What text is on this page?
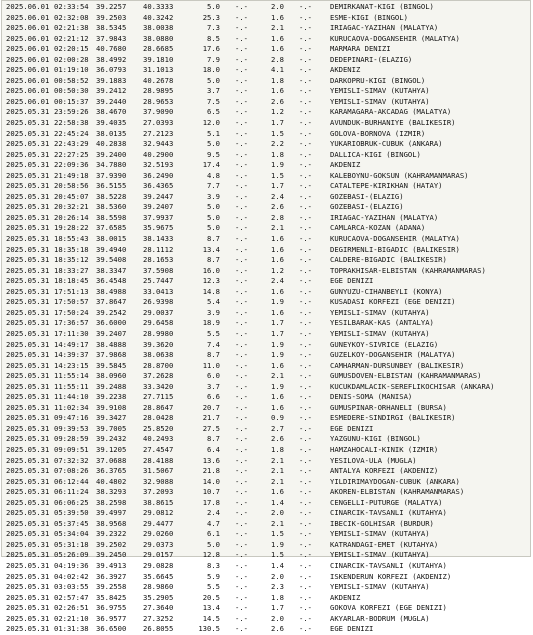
2025.06.01 02:33:54 39.2257 40.3333	5.0 -.-	2.0 -.-	DEMIRKANAT-KIGI (BINGOL)
2025.06.01 02:32:08 39.2503 40.3242	25.3 -.-	1.6 -.-	ESME-KIGI (BINGOL)
2025.06.01 02:21:38 38.5345 38.0038	7.3 -.-	2.1 -.-	IRIAGAC-YAZIHAN (MALATYA)
2025.06.01 02:21:12 37.9843 38.0880	8.5 -.-	1.6 -.-	KURUCAOVA-DOGANSEHIR (MALATYA)
2025.06.01 02:20:15 40.7680 28.6685	17.6 -.-	1.6 -.-	MARMARA DENIZI
2025.06.01 02:00:28 38.4992 39.1810	7.9 -.-	2.8 -.-	DEDEPINARI-(ELAZIG)
2025.06.01 01:19:10 36.0793 31.1013	18.0 -.-	4.1 -.-	AKDENIZ
2025.06.01 00:58:52 39.1883 40.2678	5.0 -.-	1.8 -.-	DARKOPRU-KIGI (BINGOL)
2025.06.01 00:50:30 39.2412 28.9895	3.7 -.-	1.6 -.-	YEMISLI-SIMAV (KUTAHYA)
2025.06.01 00:15:37 39.2440 28.9653	7.5 -.-	2.6 -.-	YEMISLI-SIMAV (KUTAHYA)
2025.05.31 23:59:26 38.4670 37.9090	6.5 -.-	1.2 -.-	KARAMAGARA-AKCADAG (MALATYA)
2025.05.31 22:58:38 39.4035 27.0393	12.0 -.-	1.7 -.-	AVUNDUK-BURHANIYE (BALIKESIR)
2025.05.31 22:45:24 38.0135 27.2123	5.1 -.-	1.5 -.-	GOLOVA-BORNOVA (IZMIR)
2025.05.31 22:43:29 40.2838 32.9443	5.0 -.-	2.2 -.-	YUKARIOBRUK-CUBUK (ANKARA)
2025.05.31 22:27:25 39.2400 40.2900	9.5 -.-	1.8 -.-	DALLICA-KIGI (BINGOL)
2025.05.31 22:09:36 34.7880 32.5193	17.4 -.-	1.9 -.-	AKDENIZ
2025.05.31 21:49:18 37.9390 36.2490	4.8 -.-	1.5 -.-	KALEBOYNU-GOKSUN (KAHRAMANMARAS)
2025.05.31 20:58:56 36.5155 36.4365	7.7 -.-	1.7 -.-	CATALTEPE-KIRIKHAN (HATAY)
2025.05.31 20:45:07 38.5228 39.2447	3.9 -.-	2.4 -.-	GOZEBASI-(ELAZIG)
2025.05.31 20:32:21 38.5360 39.2407	5.0 -.-	2.6 -.-	GOZEBASI-(ELAZIG)
2025.05.31 20:26:14 38.5598 37.9937	5.0 -.-	2.8 -.-	IRIAGAC-YAZIHAN (MALATYA)
2025.05.31 19:28:22 37.6585 35.9675	5.0 -.-	2.1 -.-	CAMLARCA-KOZAN (ADANA)
2025.05.31 18:55:43 38.0015 38.1433	8.7 -.-	1.6 -.-	KURUCAOVA-DOGANSEHIR (MALATYA)
2025.05.31 18:35:18 39.4940 28.1112	13.4 -.-	1.6 -.-	DEGIRMENLI-BIGADIC (BALIKESIR)
2025.05.31 18:35:12 39.5408 28.1653	8.7 -.-	1.6 -.-	CALDERE-BIGADIC (BALIKESIR)
2025.05.31 18:33:27 38.3347 37.5908	16.0 -.-	1.2 -.-	TOPRAKHISAR-ELBISTAN (KAHRAMANMARAS)
2025.05.31 18:18:45 36.4548 25.7447	12.3 -.-	2.4 -.-	EGE DENIZI
2025.05.31 17:51:13 38.4988 33.0413	14.8 -.-	1.6 -.-	GUNYUZU-CIHANBEYLI (KONYA)
2025.05.31 17:50:57 37.8647 26.9398	5.4 -.-	1.9 -.-	KUSADASI KORFEZI (EGE DENIZI)
2025.05.31 17:50:24 39.2542 29.0037	3.9 -.-	1.6 -.-	YEMISLI-SIMAV (KUTAHYA)
2025.05.31 17:36:57 36.6000 29.6458	18.9 -.-	1.7 -.-	YESILBARAK-KAS (ANTALYA)
2025.05.31 17:11:30 39.2407 28.9980	5.5 -.-	1.7 -.-	YEMISLI-SIMAV (KUTAHYA)
2025.05.31 14:49:17 38.4888 39.3620	7.4 -.-	1.9 -.-	GUNEYKOY-SIVRICE (ELAZIG)
2025.05.31 14:39:37 37.9868 38.0638	8.7 -.-	1.9 -.-	GUZELKOY-DOGANSEHIR (MALATYA)
2025.05.31 14:23:15 39.5845 28.8700	11.0 -.-	1.6 -.-	CAMHARMAN-DURSUNBEY (BALIKESIR)
2025.05.31 11:55:14 38.0960 37.2628	6.0 -.-	2.1 -.-	GUMUSDOVEN-ELBISTAN (KAHRAMANMARAS)
2025.05.31 11:55:11 39.2488 33.3420	3.7 -.-	1.9 -.-	KUCUKDAMLACIK-SEREFLIKOCHISAR (ANKARA)
2025.05.31 11:44:10 39.2238 27.7115	6.6 -.-	1.6 -.-	DENIS-SOMA (MANISA)
2025.05.31 11:02:34 39.9108 28.8647	20.7 -.-	1.6 -.-	GUMUSPINAR-ORHANELI (BURSA)
2025.05.31 09:47:16 39.3427 28.0428	21.7 -.-	0.9 -.-	ESMEDERE-SINDIRGI (BALIKESIR)
2025.05.31 09:39:53 39.7005 25.8520	27.5 -.-	2.7 -.-	EGE DENIZI
2025.05.31 09:28:59 39.2432 40.2493	8.7 -.-	2.6 -.-	YAZGUNU-KIGI (BINGOL)
2025.05.31 09:09:51 39.1205 27.4547	6.4 -.-	1.8 -.-	HAMZAHOCALI-KINIK (IZMIR)
2025.05.31 07:32:32 37.0688 28.4188	13.6 -.-	2.1 -.-	YESILOVA-ULA (MUGLA)
2025.05.31 07:08:26 36.3765 31.5067	21.8 -.-	2.1 -.-	ANTALYA KORFEZI (AKDENIZ)
2025.05.31 06:12:44 40.4802 32.9088	14.0 -.-	2.1 -.-	YILDIRIMAYDOGAN-CUBUK (ANKARA)
2025.05.31 06:11:24 38.3293 37.2093	10.7 -.-	1.6 -.-	AKOREN-ELBISTAN (KAHRAMANMARAS)
2025.05.31 06:06:25 38.2598 38.8615	17.8 -.-	1.4 -.-	CENGELLI-PUTURGE (MALATYA)
2025.05.31 05:39:50 39.4997 29.0812	2.4 -.-	2.0 -.-	CINARCIK-TAVSANLI (KUTAHYA)
2025.05.31 05:37:45 38.9568 29.4477	4.7 -.-	2.1 -.-	IBECIK-GOLHISAR (BURDUR)
2025.05.31 05:34:04 39.2322 29.0260	6.1 -.-	1.5 -.-	YEMISLI-SIMAV (KUTAHYA)
2025.05.31 05:31:18 39.2502 29.0373	5.0 -.-	1.9 -.-	KATRANDAGI-EMET (KUTAHYA)
2025.05.31 05:26:09 39.2450 29.0157	12.8 -.-	1.5 -.-	YEMISLI-SIMAV (KUTAHYA)
2025.05.31 04:19:36 39.4913 29.0828	8.3 -.-	1.4 -.-	CINARCIK-TAVSANLI (KUTAHYA)
2025.05.31 04:02:42 36.3927 35.6645	5.9 -.-	2.0 -.-	ISKENDERUN KORFEZI (AKDENIZ)
2025.05.31 03:03:55 39.2558 28.9860	5.5 -.-	2.3 -.-	YEMISLI-SIMAV (KUTAHYA)
2025.05.31 02:57:47 35.8425 35.2905	20.5 -.-	1.8 -.-	AKDENIZ
2025.05.31 02:26:51 36.9755 27.3640	13.4 -.-	1.7 -.-	GOKOVA KORFEZI (EGE DENIZI)
2025.05.31 02:21:10 36.9577 27.3252	14.5 -.-	2.0 -.-	AKYARLAR-BODRUM (MUGLA)
2025.05.31 01:31:38 36.6500 26.8055	130.5 -.-	2.6 -.-	EGE DENIZI
